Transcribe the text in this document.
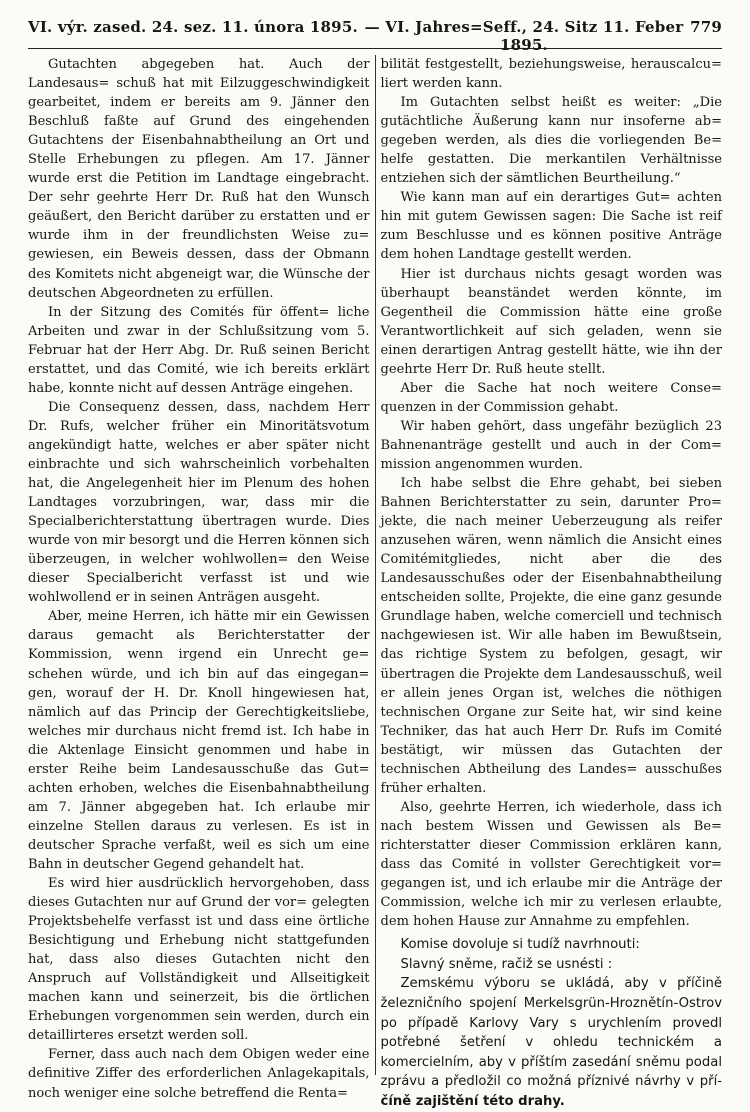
VI. výr. zased. 24. sez. 11. února 1895. — VI. Jahres=Seff., 24. Sitz 11. Feber 1895.
779

Gutachten abgegeben hat. Auch der Landesaus= schuß hat mit Eilzuggeschwindigkeit gearbeitet, indem er bereits am 9. Jänner den Beschluß faßte auf Grund des eingehenden Gutachtens der Eisenbahnabtheilung an Ort und Stelle Erhebungen zu pflegen. Am 17. Jänner wurde erst die Petition im Landtage eingebracht. Der sehr geehrte Herr Dr. Ruß hat den Wunsch geäußert, den Bericht darüber zu erstatten und er wurde ihm in der freundlichsten Weise zu= gewiesen, ein Beweis dessen, dass der Obmann des Komitets nicht abgeneigt war, die Wünsche der deutschen Abgeordneten zu erfüllen.

In der Sitzung des Comités für öffent= liche Arbeiten und zwar in der Schlußsitzung vom 5. Februar hat der Herr Abg. Dr. Ruß seinen Bericht erstattet, und das Comité, wie ich bereits erklärt habe, konnte nicht auf dessen Anträge eingehen.

Die Consequenz dessen, dass, nachdem Herr Dr. Rufs, welcher früher ein Minoritätsvotum angekündigt hatte, welches er aber später nicht einbrachte und sich wahrscheinlich vorbehalten hat, die Angelegenheit hier im Plenum des hohen Landtages vorzubringen, war, dass mir die Specialberichterstattung übertragen wurde. Dies wurde von mir besorgt und die Herren können sich überzeugen, in welcher wohlwollen= den Weise dieser Specialbericht verfasst ist und wie wohlwollend er in seinen Anträgen ausgeht.

Aber, meine Herren, ich hätte mir ein Gewissen daraus gemacht als Berichterstatter der Kommission, wenn irgend ein Unrecht ge= schehen würde, und ich bin auf das eingegan= gen, worauf der H. Dr. Knoll hingewiesen hat, nämlich auf das Princip der Gerechtigkeitsliebe, welches mir durchaus nicht fremd ist. Ich habe in die Aktenlage Einsicht genommen und habe in erster Reihe beim Landesausschuße das Gut= achten erhoben, welches die Eisenbahnabtheilung am 7. Jänner abgegeben hat. Ich erlaube mir einzelne Stellen daraus zu verlesen. Es ist in deutscher Sprache verfaßt, weil es sich um eine Bahn in deutscher Gegend gehandelt hat.

Es wird hier ausdrücklich hervorgehoben, dass dieses Gutachten nur auf Grund der vor= gelegten Projektsbehelfe verfasst ist und dass eine örtliche Besichtigung und Erhebung nicht stattgefunden hat, dass also dieses Gutachten nicht den Anspruch auf Vollständigkeit und Allseitigkeit machen kann und seinerzeit, bis die örtlichen Erhebungen vorgenommen sein werden, durch ein detaillirteres ersetzt werden soll.

Ferner, dass auch nach dem Obigen weder eine definitive Ziffer des erforderlichen Anlagekapitals, noch weniger eine solche betreffend die Renta=

bilität festgestellt, beziehungsweise, herauscalcu= liert werden kann.

Im Gutachten selbst heißt es weiter: „Die gutächtliche Äußerung kann nur insoferne ab= gegeben werden, als dies die vorliegenden Be= helfe gestatten. Die merkantilen Verhältnisse entziehen sich der sämtlichen Beurtheilung.“

Wie kann man auf ein derartiges Gut= achten hin mit gutem Gewissen sagen: Die Sache ist reif zum Beschlusse und es können positive Anträge dem hohen Landtage gestellt werden.

Hier ist durchaus nichts gesagt worden was überhaupt beanständet werden könnte, im Gegentheil die Commission hätte eine große Verantwortlichkeit auf sich geladen, wenn sie einen derartigen Antrag gestellt hätte, wie ihn der geehrte Herr Dr. Ruß heute stellt.

Aber die Sache hat noch weitere Conse= quenzen in der Commission gehabt.

Wir haben gehört, dass ungefähr bezüglich 23 Bahnenanträge gestellt und auch in der Com= mission angenommen wurden.

Ich habe selbst die Ehre gehabt, bei sieben Bahnen Berichterstatter zu sein, darunter Pro= jekte, die nach meiner Ueberzeugung als reifer anzusehen wären, wenn nämlich die Ansicht eines Comitémitgliedes, nicht aber die des Landesausschußes oder der Eisenbahnabtheilung entscheiden sollte, Projekte, die eine ganz gesunde Grundlage haben, welche comerciell und technisch nachgewiesen ist. Wir alle haben im Bewußtsein, das richtige System zu befolgen, gesagt, wir übertragen die Projekte dem Landesausschuß, weil er allein jenes Organ ist, welches die nöthigen technischen Organe zur Seite hat, wir sind keine Techniker, das hat auch Herr Dr. Rufs im Comité bestätigt, wir müssen das Gutachten der technischen Abtheilung des Landes= ausschußes früher erhalten.

Also, geehrte Herren, ich wiederhole, dass ich nach bestem Wissen und Gewissen als Be= richterstatter dieser Commission erklären kann, dass das Comité in vollster Gerechtigkeit vor= gegangen ist, und ich erlaube mir die Anträge der Commission, welche ich mir zu verlesen erlaubte, dem hohen Hause zur Annahme zu empfehlen.

Komise dovoluje si tudíž navrhnouti:

Slavný sněme, račiž se usnésti :

Zemskému výboru se ukládá, aby v příčině železničního spojení Merkelsgrün-Hroznětín-Ostrov po případě Karlovy Vary s urychlením provedl potřebné šetření v ohledu technickém a komercielním, aby v příštím zasedání sněmu podal zprávu a předložil co možná příznivé návrhy v pří- číně zajištění této drahy.
